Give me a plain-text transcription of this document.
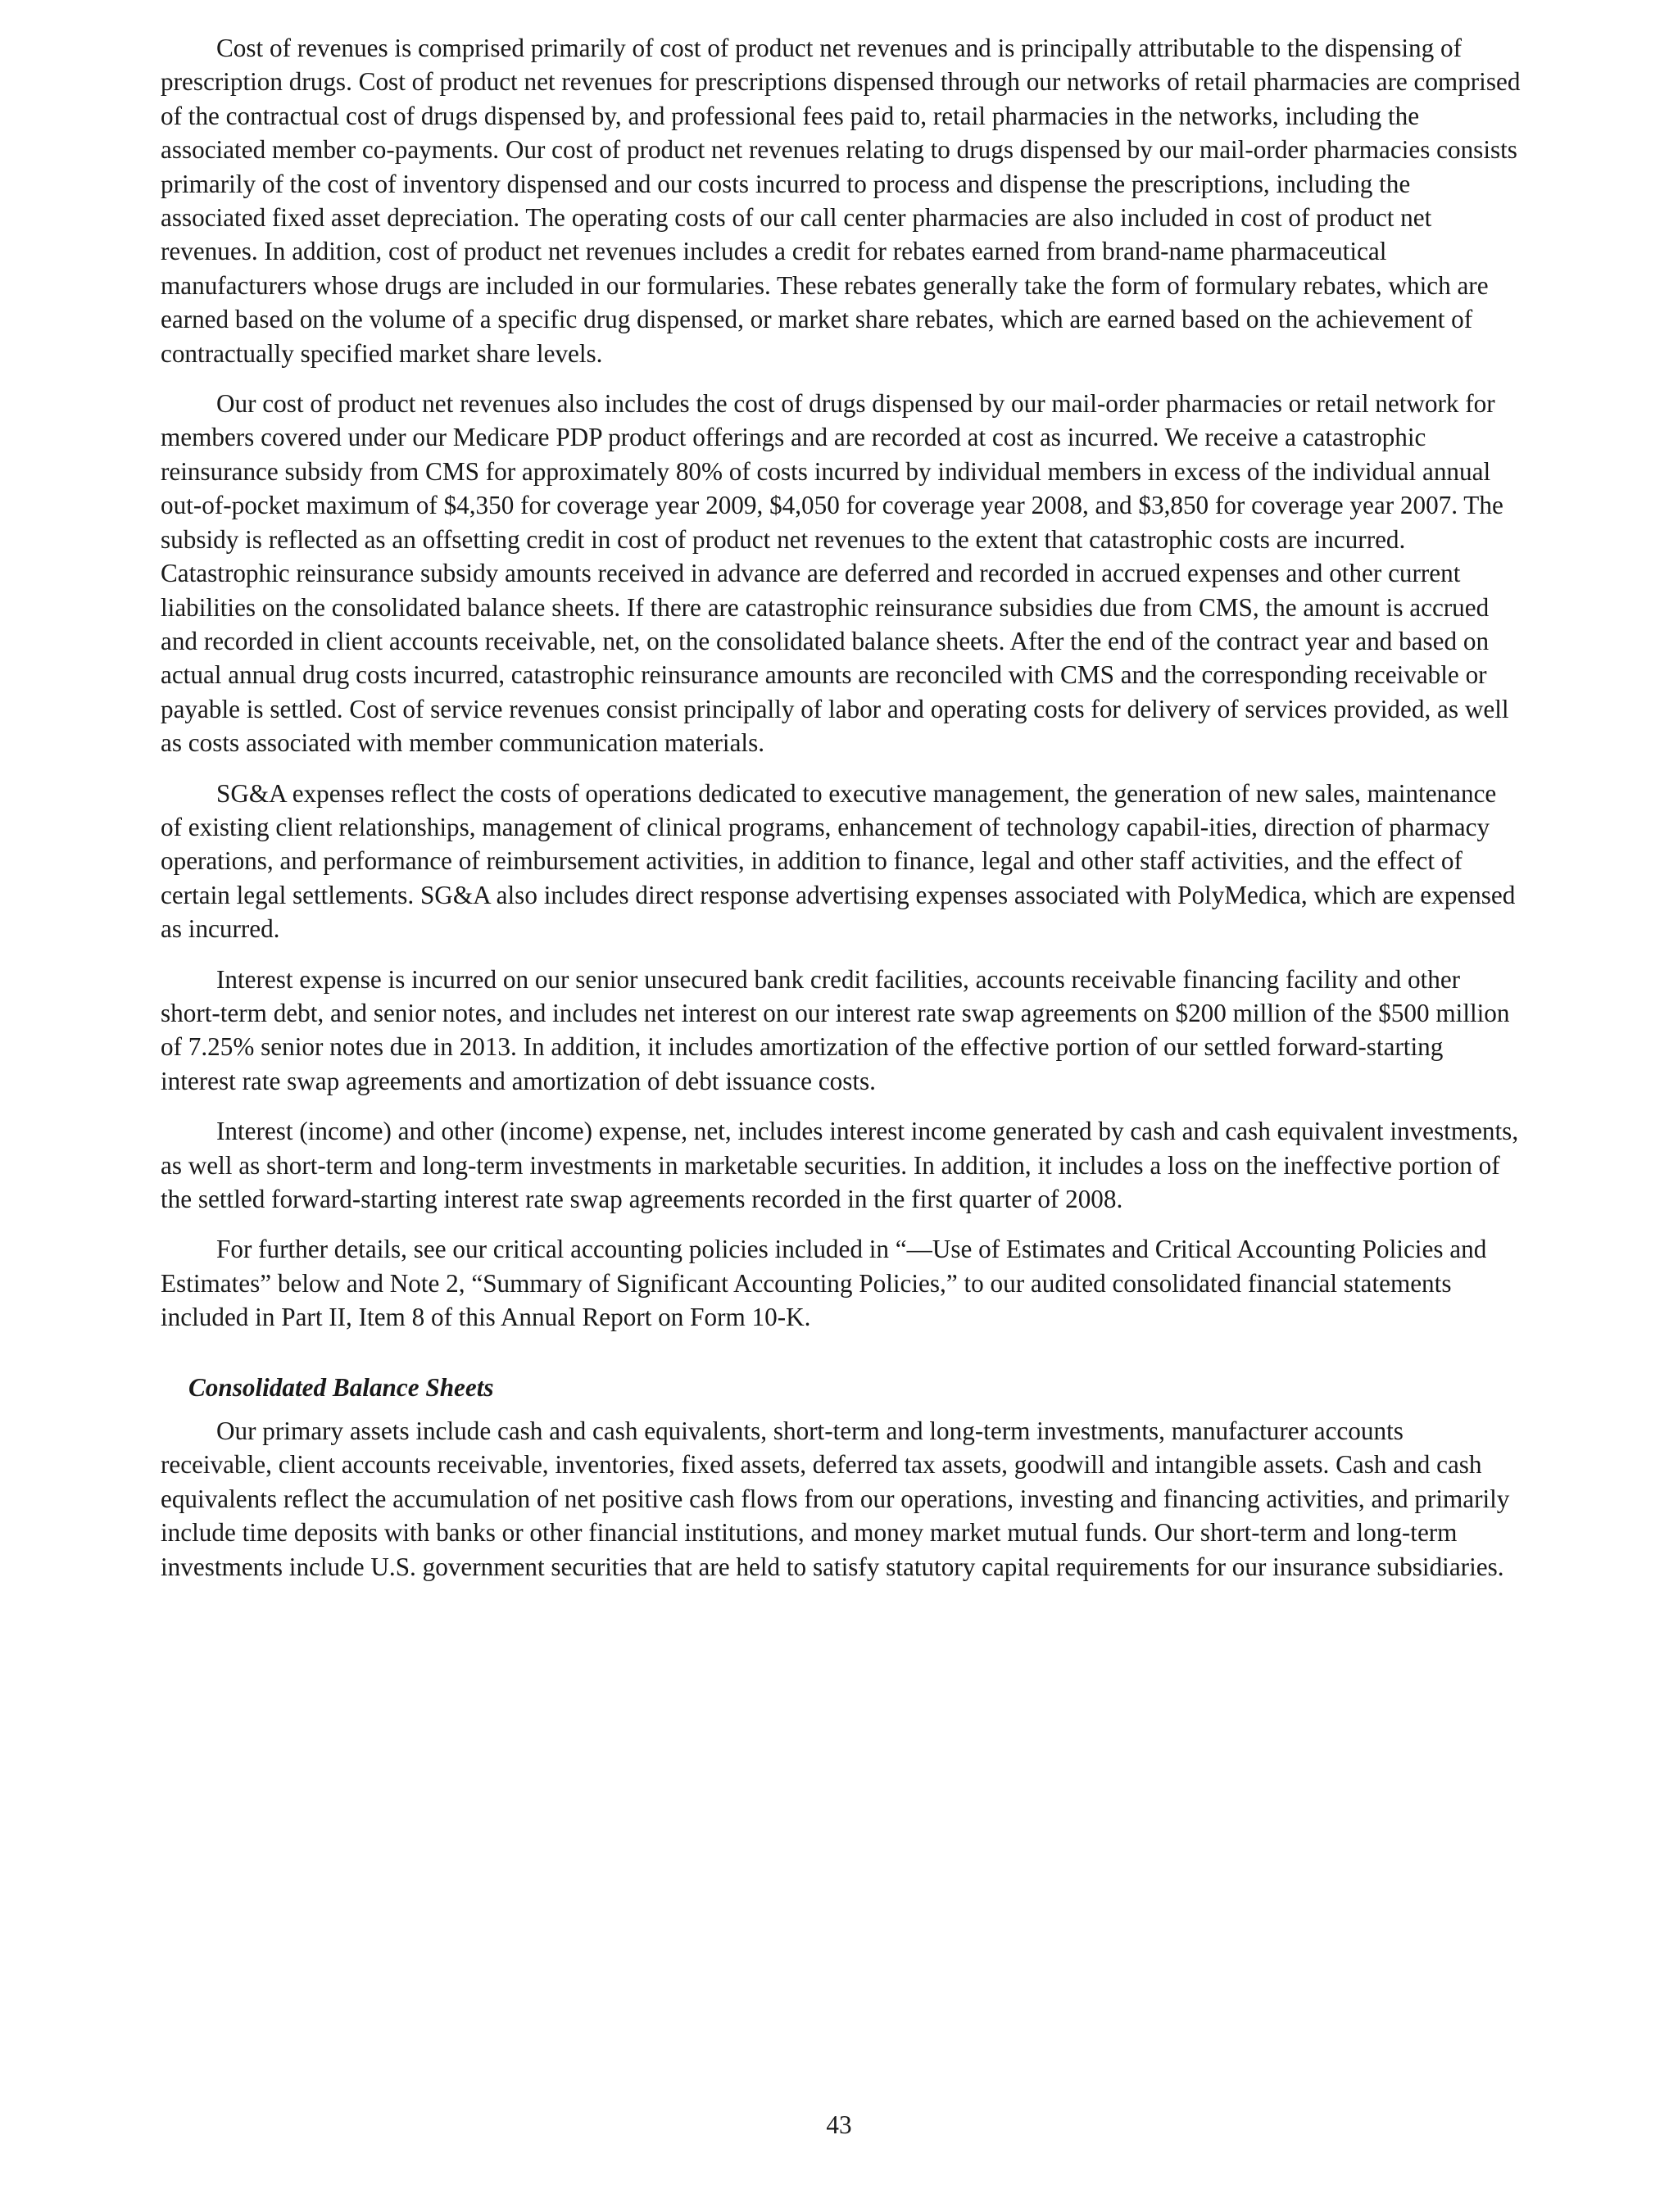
Cost of revenues is comprised primarily of cost of product net revenues and is principally attributable to the dispensing of prescription drugs. Cost of product net revenues for prescriptions dispensed through our networks of retail pharmacies are comprised of the contractual cost of drugs dispensed by, and professional fees paid to, retail pharmacies in the networks, including the associated member co-payments. Our cost of product net revenues relating to drugs dispensed by our mail-order pharmacies consists primarily of the cost of inventory dispensed and our costs incurred to process and dispense the prescriptions, including the associated fixed asset depreciation. The operating costs of our call center pharmacies are also included in cost of product net revenues. In addition, cost of product net revenues includes a credit for rebates earned from brand-name pharmaceutical manufacturers whose drugs are included in our formularies. These rebates generally take the form of formulary rebates, which are earned based on the volume of a specific drug dispensed, or market share rebates, which are earned based on the achievement of contractually specified market share levels.

Our cost of product net revenues also includes the cost of drugs dispensed by our mail-order pharmacies or retail network for members covered under our Medicare PDP product offerings and are recorded at cost as incurred. We receive a catastrophic reinsurance subsidy from CMS for approximately 80% of costs incurred by individual members in excess of the individual annual out-of-pocket maximum of $4,350 for coverage year 2009, $4,050 for coverage year 2008, and $3,850 for coverage year 2007. The subsidy is reflected as an offsetting credit in cost of product net revenues to the extent that catastrophic costs are incurred. Catastrophic reinsurance subsidy amounts received in advance are deferred and recorded in accrued expenses and other current liabilities on the consolidated balance sheets. If there are catastrophic reinsurance subsidies due from CMS, the amount is accrued and recorded in client accounts receivable, net, on the consolidated balance sheets. After the end of the contract year and based on actual annual drug costs incurred, catastrophic reinsurance amounts are reconciled with CMS and the corresponding receivable or payable is settled. Cost of service revenues consist principally of labor and operating costs for delivery of services provided, as well as costs associated with member communication materials.

SG&A expenses reflect the costs of operations dedicated to executive management, the generation of new sales, maintenance of existing client relationships, management of clinical programs, enhancement of technology capabil-ities, direction of pharmacy operations, and performance of reimbursement activities, in addition to finance, legal and other staff activities, and the effect of certain legal settlements. SG&A also includes direct response advertising expenses associated with PolyMedica, which are expensed as incurred.

Interest expense is incurred on our senior unsecured bank credit facilities, accounts receivable financing facility and other short-term debt, and senior notes, and includes net interest on our interest rate swap agreements on $200 million of the $500 million of 7.25% senior notes due in 2013. In addition, it includes amortization of the effective portion of our settled forward-starting interest rate swap agreements and amortization of debt issuance costs.

Interest (income) and other (income) expense, net, includes interest income generated by cash and cash equivalent investments, as well as short-term and long-term investments in marketable securities. In addition, it includes a loss on the ineffective portion of the settled forward-starting interest rate swap agreements recorded in the first quarter of 2008.

For further details, see our critical accounting policies included in “—Use of Estimates and Critical Accounting Policies and Estimates” below and Note 2, “Summary of Significant Accounting Policies,” to our audited consolidated financial statements included in Part II, Item 8 of this Annual Report on Form 10-K.

Consolidated Balance Sheets

Our primary assets include cash and cash equivalents, short-term and long-term investments, manufacturer accounts receivable, client accounts receivable, inventories, fixed assets, deferred tax assets, goodwill and intangible assets. Cash and cash equivalents reflect the accumulation of net positive cash flows from our operations, investing and financing activities, and primarily include time deposits with banks or other financial institutions, and money market mutual funds. Our short-term and long-term investments include U.S. government securities that are held to satisfy statutory capital requirements for our insurance subsidiaries.

43
